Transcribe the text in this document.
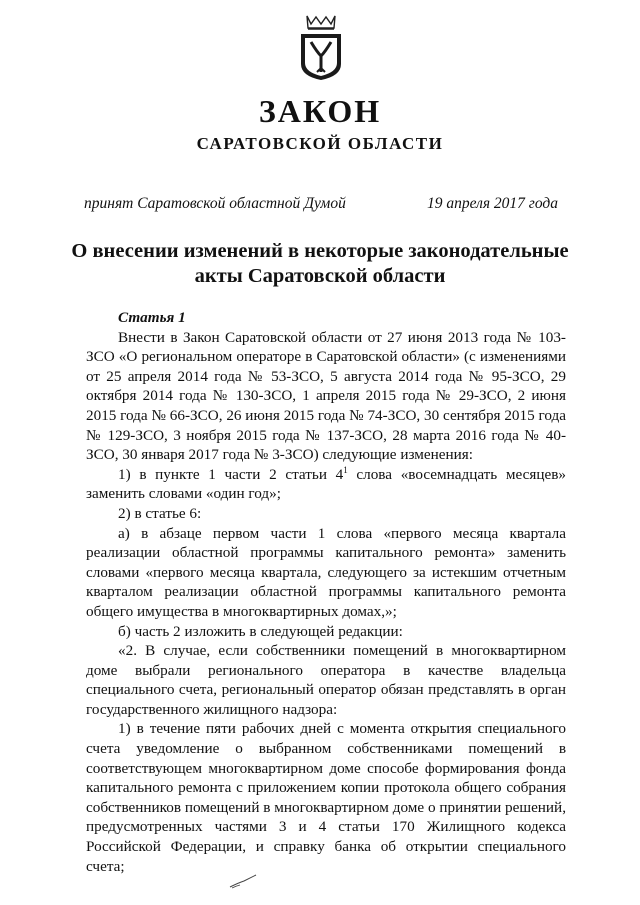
ЗАКОН
САРАТОВСКОЙ ОБЛАСТИ
принят Саратовской областной Думой	19 апреля 2017 года
О внесении изменений в некоторые законодательные
акты Саратовской области

Статья 1

Внести в Закон Саратовской области от 27 июня 2013 года № 103-ЗСО «О региональном операторе в Саратовской области» (с изменениями от 25 апреля 2014 года № 53-ЗСО, 5 августа 2014 года № 95-ЗСО, 29 октября 2014 года № 130-ЗСО, 1 апреля 2015 года № 29-ЗСО, 2 июня 2015 года № 66-ЗСО, 26 июня 2015 года № 74-ЗСО, 30 сентября 2015 года № 129-ЗСО, 3 ноября 2015 года № 137-ЗСО, 28 марта 2016 года № 40-ЗСО, 30 января 2017 года № 3-ЗСО) следующие изменения:

1) в пункте 1 части 2 статьи $4^1$ слова «восемнадцать месяцев» заменить словами «один год»;

2) в статье 6:

а) в абзаце первом части 1 слова «первого месяца квартала реализации областной программы капитального ремонта» заменить словами «первого месяца квартала, следующего за истекшим отчетным кварталом реализации областной программы капитального ремонта общего имущества в многоквартирных домах,»;

б) часть 2 изложить в следующей редакции:

«2. В случае, если собственники помещений в многоквартирном доме выбрали регионального оператора в качестве владельца специального счета, региональный оператор обязан представлять в орган государственного жилищного надзора:

1) в течение пяти рабочих дней с момента открытия специального счета уведомление о выбранном собственниками помещений в соответствующем многоквартирном доме способе формирования фонда капитального ремонта с приложением копии протокола общего собрания собственников помещений в многоквартирном доме о принятии решений, предусмотренных частями 3 и 4 статьи 170 Жилищного кодекса Российской Федерации, и справку банка об открытии специального счета;
